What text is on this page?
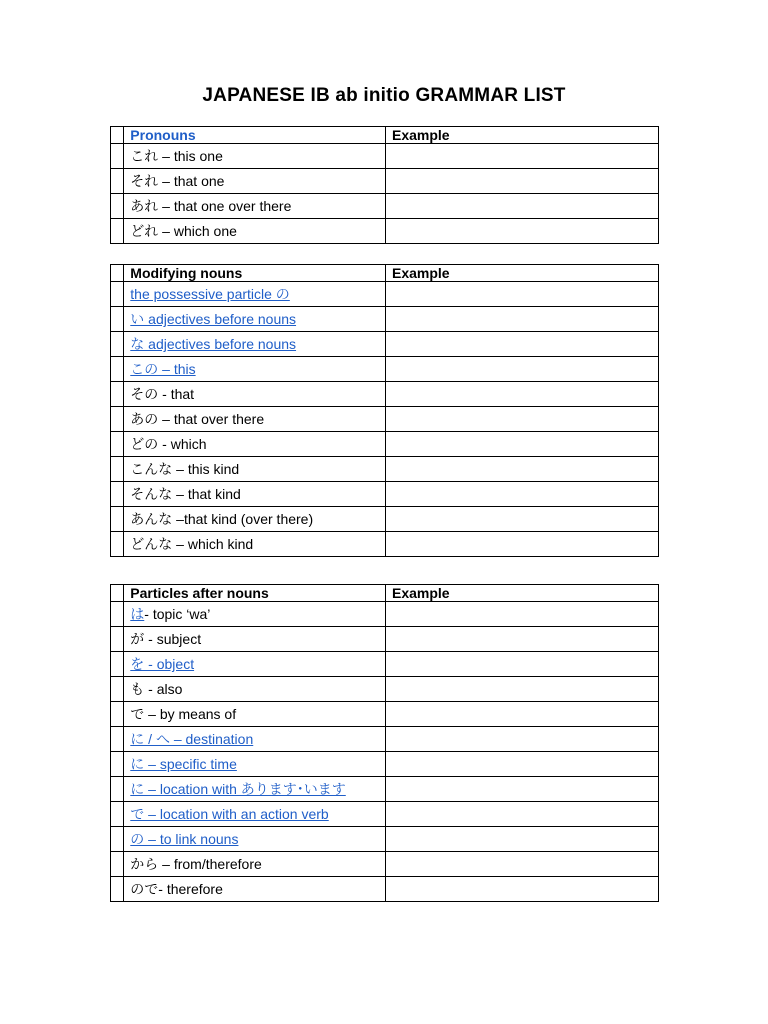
JAPANESE IB ab initio GRAMMAR LIST
	Pronouns	Example
	これ – this one	
	それ – that one	
	あれ – that one over there	
	どれ – which one	
	Modifying nouns	Example
	the possessive particle の	
	い adjectives before nouns	
	な adjectives before nouns	
	この – this	
	その - that	
	あの – that over there	
	どの - which	
	こんな – this kind	
	そんな – that kind	
	あんな –that kind (over there)	
	どんな – which kind	
	Particles after nouns	Example
	は- topic ‘wa’	
	が - subject	
	を - object	
	も - also	
	で – by means of	
	に / へ – destination	
	に – specific time	
	に – location with あります･います	
	で – location with an action verb	
	の – to link nouns	
	から – from/therefore	
	ので- therefore	
